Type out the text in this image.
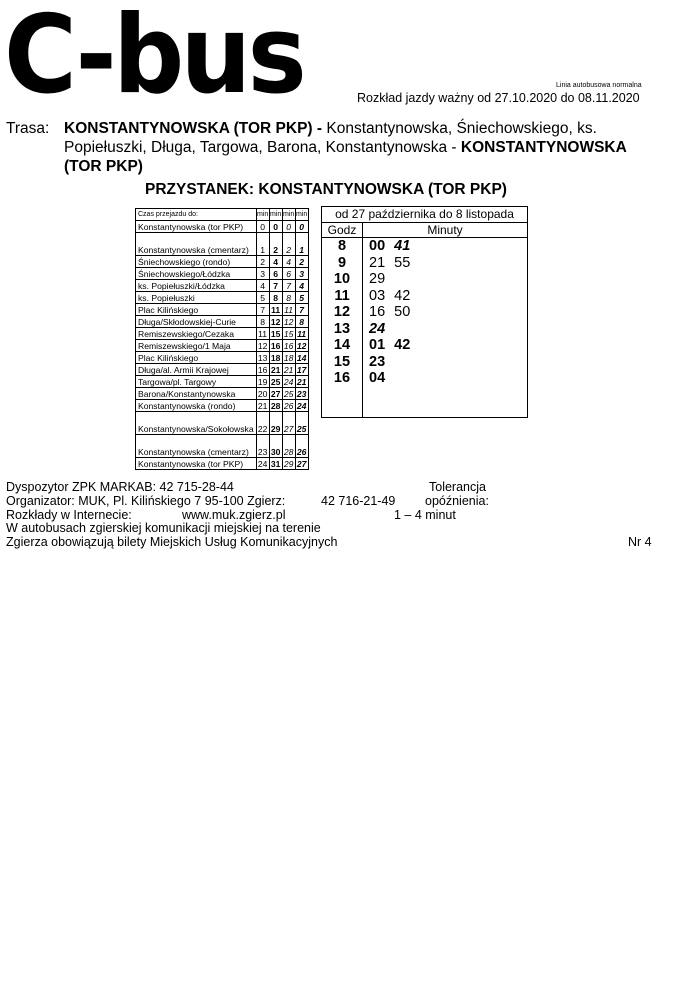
C-bus	Linia autobusowa normalna
Rozkład jazdy ważny od 27.10.2020 do 08.11.2020
Trasa: KONSTANTYNOWSKA (TOR PKP) - Konstantynowska, Śniechowskiego, ks. Popiełuszki, Długa, Targowa, Barona, Konstantynowska - KONSTANTYNOWSKA (TOR PKP)
PRZYSTANEK: KONSTANTYNOWSKA (TOR PKP)
Czas przejazdu do:	min	min	min	min
Konstantynowska (tor PKP)	0	0	0	0
Konstantynowska (cmentarz)	1	2	2	1
Śniechowskiego (rondo)	2	4	4	2
Śniechowskiego/Łódzka	3	6	6	3
ks. Popiełuszki/Łódzka	4	7	7	4
ks. Popiełuszki	5	8	8	5
Plac Kilińskiego	7	11	11	7
Długa/Skłodowskiej-Curie	8	12	12	8
Remiszewskiego/Cezaka	11	15	15	11
Remiszewskiego/1 Maja	12	16	16	12
Plac Kilińskiego	13	18	18	14
Długa/al. Armii Krajowej	16	21	21	17
Targowa/pl. Targowy	19	25	24	21
Barona/Konstantynowska	20	27	25	23
Konstantynowska (rondo)	21	28	26	24
Konstantynowska/Sokołowska	22	29	27	25
Konstantynowska (cmentarz)	23	30	28	26
Konstantynowska (tor PKP)	24	31	29	27
od 27 października do 8 listopada
Godz	Minuty
8	00 41
9	21 55
10	29
11	03 42
12	16 50
13	24
14	01 42
15	23
16	04
Dyspozytor ZPK MARKAB: 42 715-28-44
Organizator: MUK, Pl. Kilińskiego 7 95-100 Zgierz:	42 716-21-49
Rozkłady w Internecie:	www.muk.zgierz.pl
Tolerancja
opóźnienia:
1 – 4 minut
W autobusach zgierskiej komunikacji miejskiej na terenie
Zgierza obowiązują bilety Miejskich Usług Komunikacyjnych	Nr 4
